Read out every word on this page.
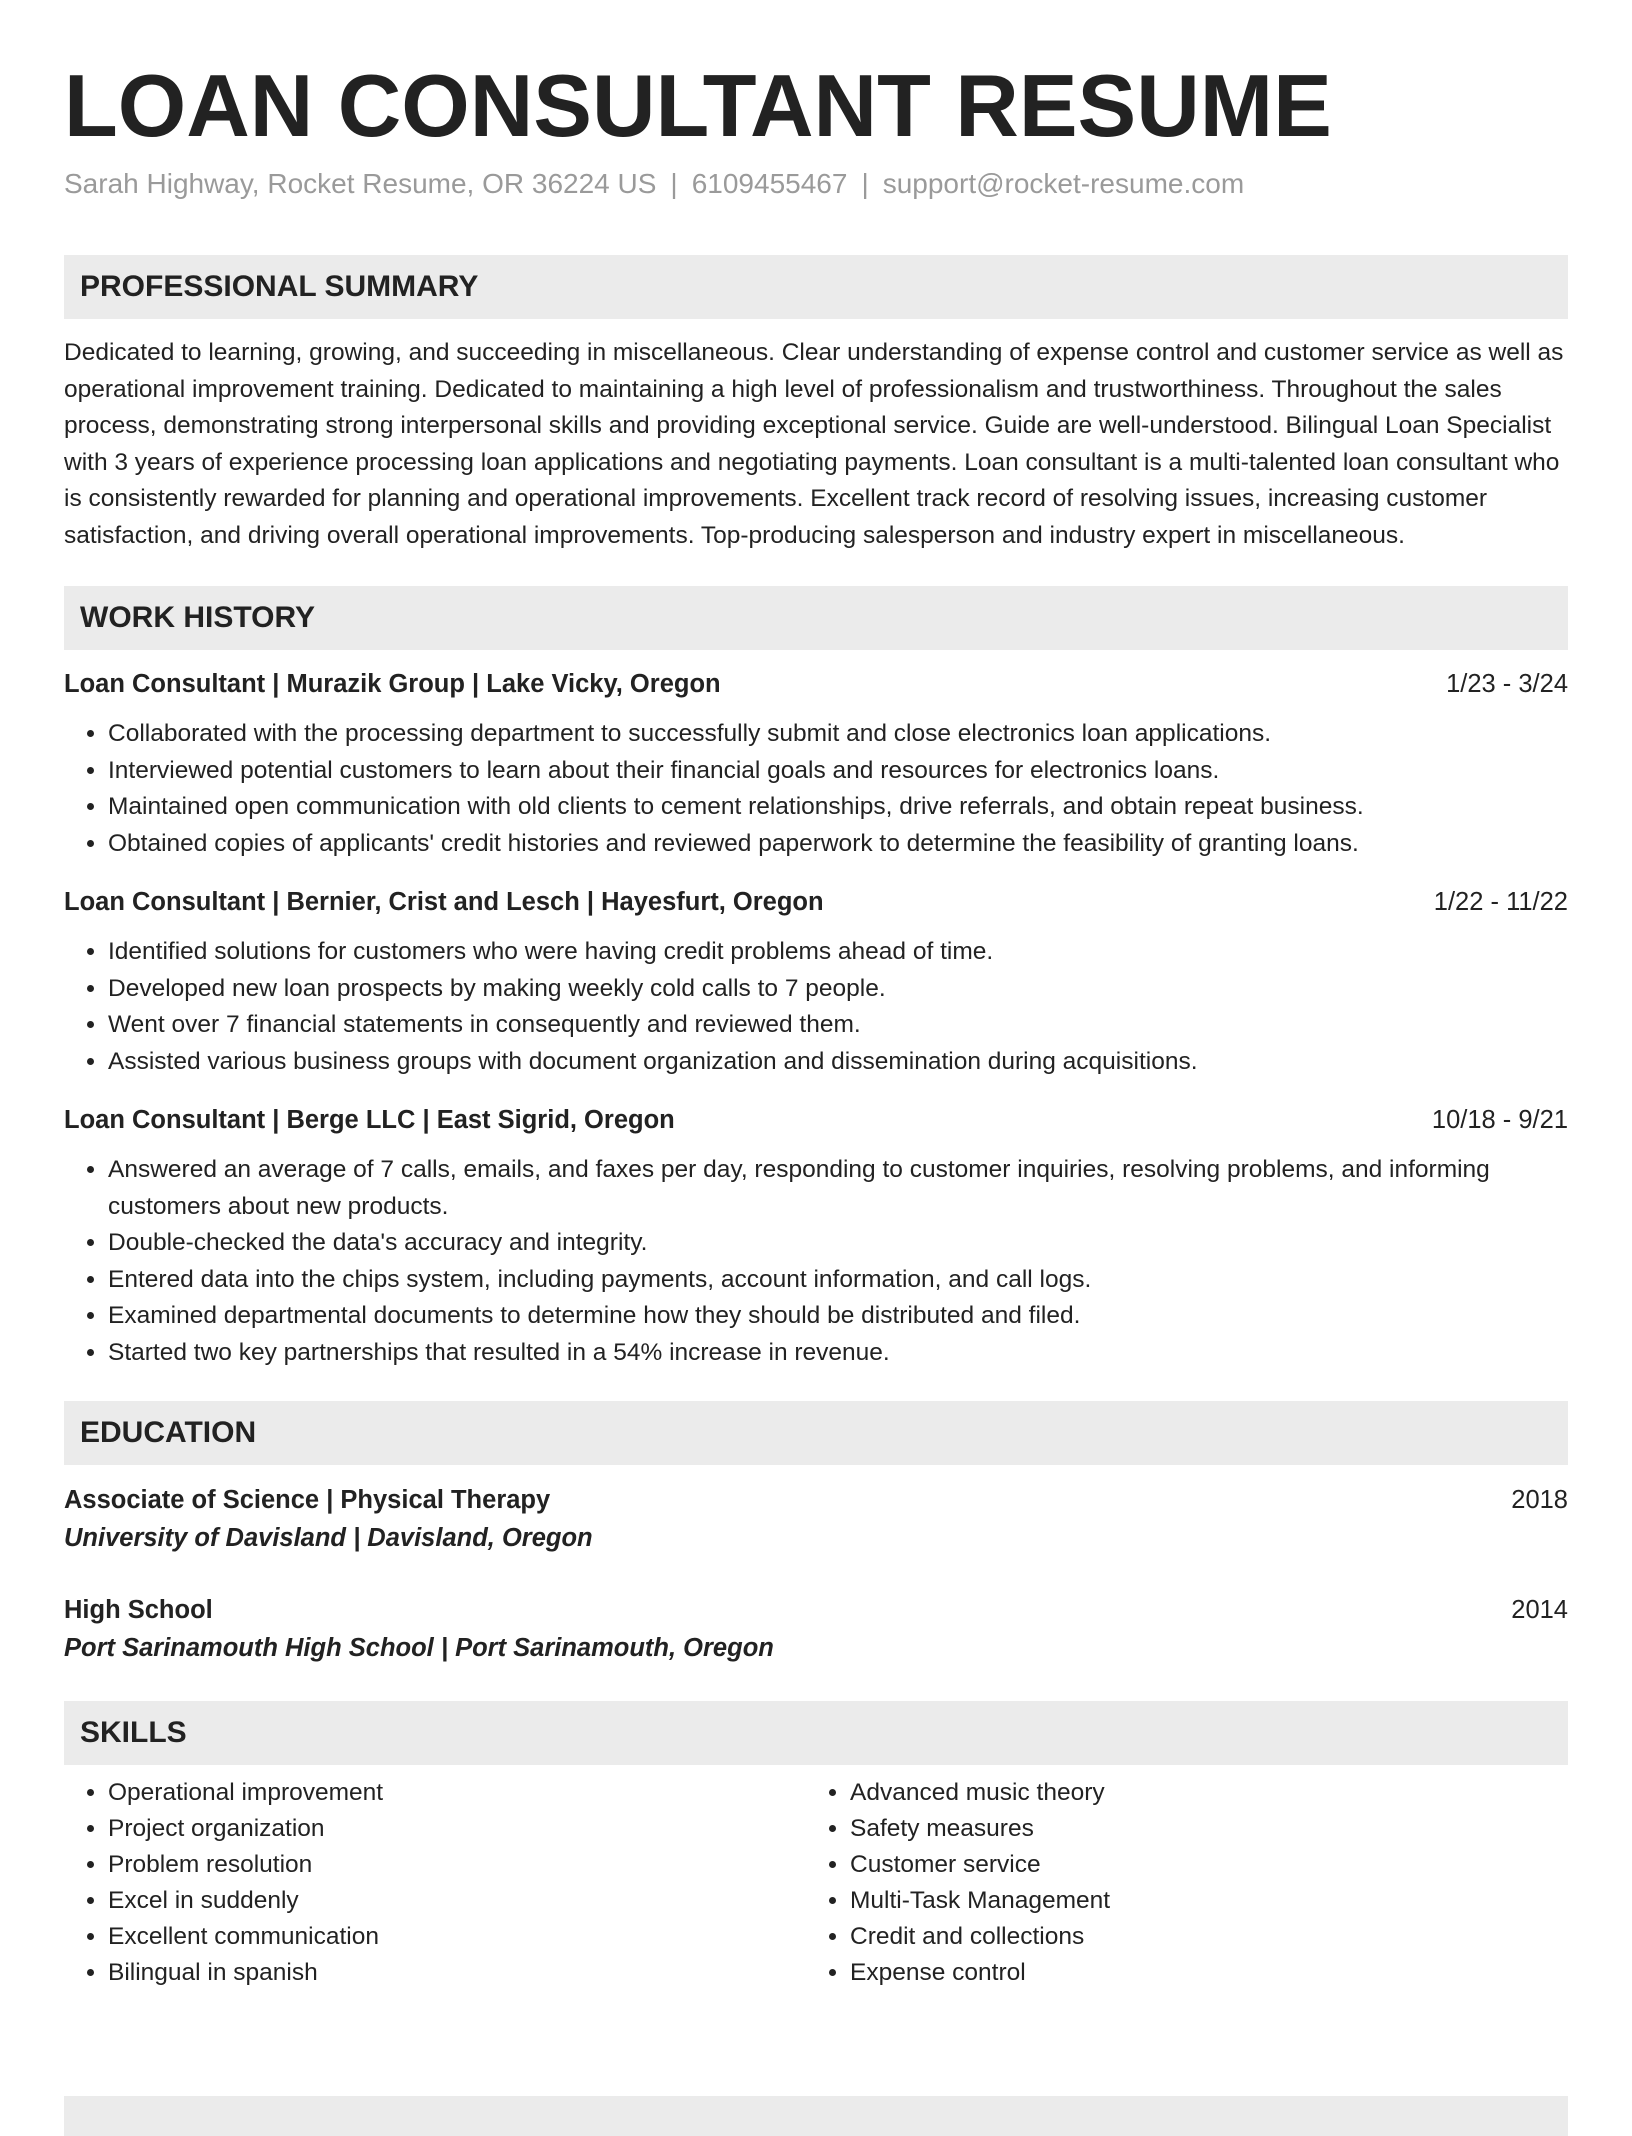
LOAN CONSULTANT RESUME
Sarah Highway, Rocket Resume, OR 36224 US | 6109455467 | support@rocket-resume.com
PROFESSIONAL SUMMARY

Dedicated to learning, growing, and succeeding in miscellaneous. Clear understanding of expense control and customer service as well as operational improvement training. Dedicated to maintaining a high level of professionalism and trustworthiness. Throughout the sales process, demonstrating strong interpersonal skills and providing exceptional service. Guide are well-understood. Bilingual Loan Specialist with 3 years of experience processing loan applications and negotiating payments. Loan consultant is a multi-talented loan consultant who is consistently rewarded for planning and operational improvements. Excellent track record of resolving issues, increasing customer satisfaction, and driving overall operational improvements. Top-producing salesperson and industry expert in miscellaneous.

WORK HISTORY
Loan Consultant | Murazik Group | Lake Vicky, Oregon	1/23 - 3/24
• Collaborated with the processing department to successfully submit and close electronics loan applications.
• Interviewed potential customers to learn about their financial goals and resources for electronics loans.
• Maintained open communication with old clients to cement relationships, drive referrals, and obtain repeat business.
• Obtained copies of applicants' credit histories and reviewed paperwork to determine the feasibility of granting loans.
Loan Consultant | Bernier, Crist and Lesch | Hayesfurt, Oregon	1/22 - 11/22
• Identified solutions for customers who were having credit problems ahead of time.
• Developed new loan prospects by making weekly cold calls to 7 people.
• Went over 7 financial statements in consequently and reviewed them.
• Assisted various business groups with document organization and dissemination during acquisitions.
Loan Consultant | Berge LLC | East Sigrid, Oregon	10/18 - 9/21
• Answered an average of 7 calls, emails, and faxes per day, responding to customer inquiries, resolving problems, and informing customers about new products.
• Double-checked the data's accuracy and integrity.
• Entered data into the chips system, including payments, account information, and call logs.
• Examined departmental documents to determine how they should be distributed and filed.
• Started two key partnerships that resulted in a 54% increase in revenue.
EDUCATION
Associate of Science | Physical Therapy	2018
University of Davisland | Davisland, Oregon
High School	2014
Port Sarinamouth High School | Port Sarinamouth, Oregon
SKILLS
• Operational improvement
• Project organization
• Problem resolution
• Excel in suddenly
• Excellent communication
• Bilingual in spanish
• Advanced music theory
• Safety measures
• Customer service
• Multi-Task Management
• Credit and collections
• Expense control
